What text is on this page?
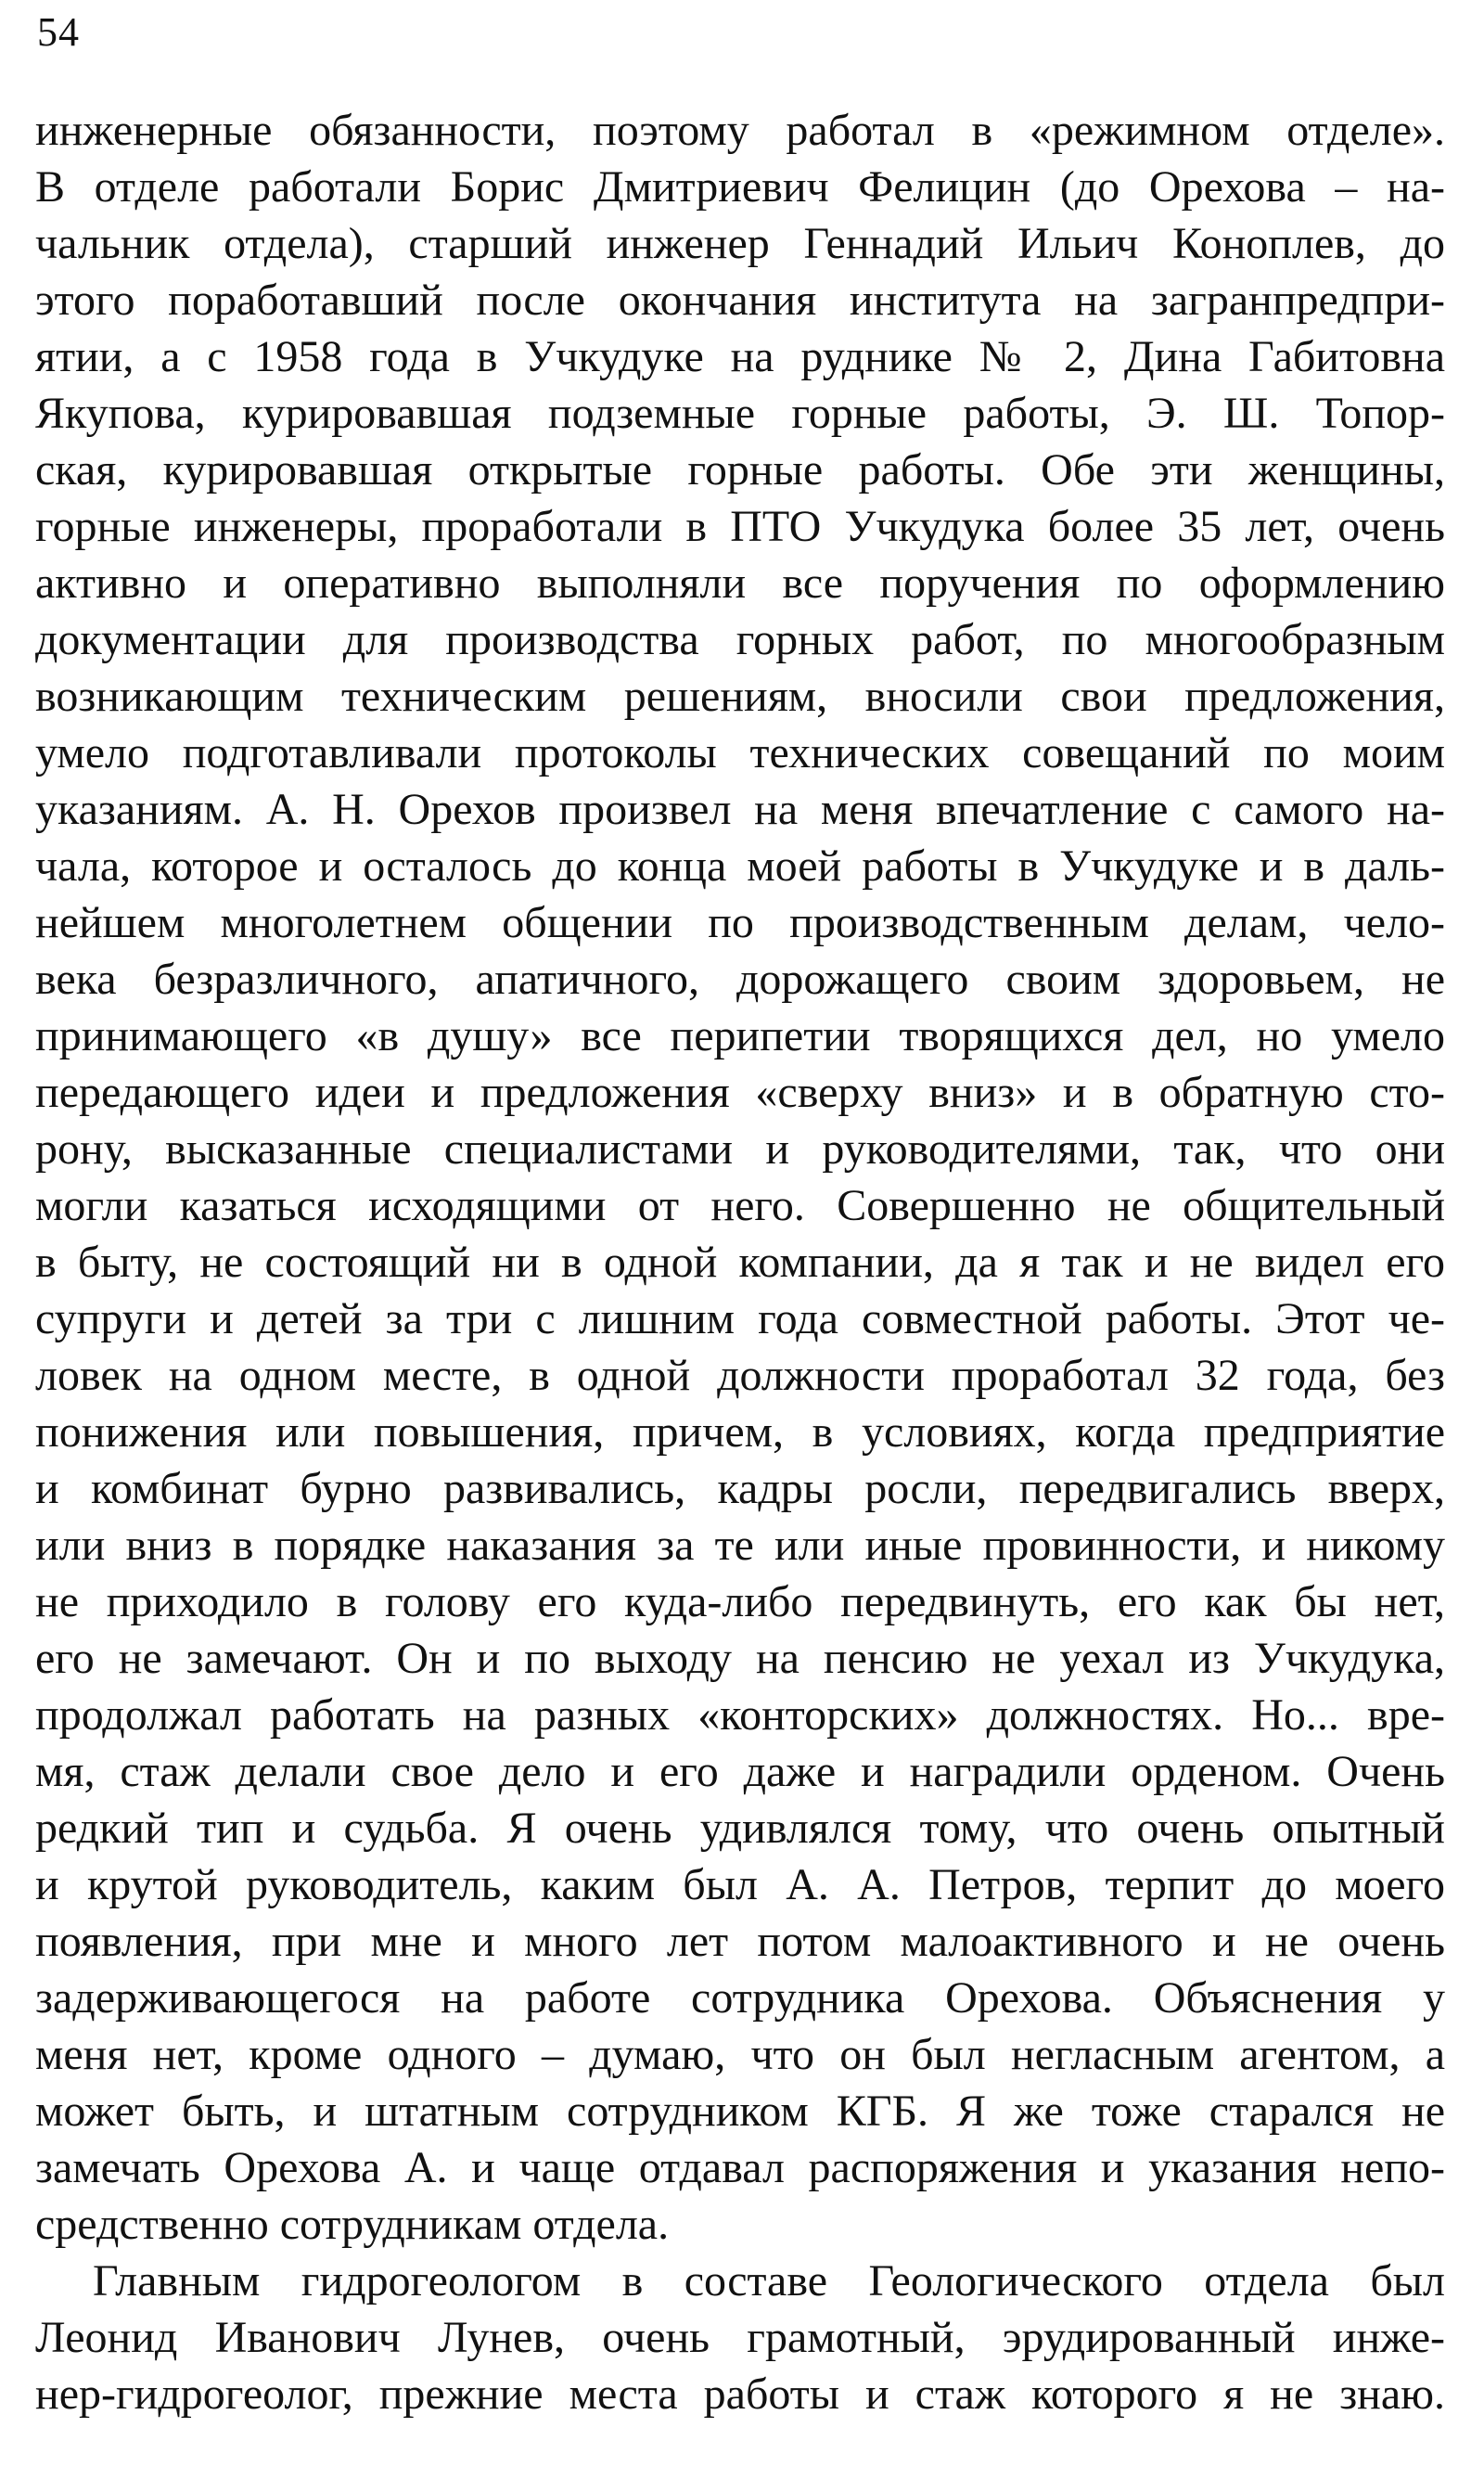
54
инженерные обязанности, поэтому работал в «режимном отделе».
В отделе работали Борис Дмитриевич Фелицин (до Орехова – на-
чальник отдела), старший инженер Геннадий Ильич Коноплев, до
этого поработавший после окончания института на загранпредпри-
ятии, а с 1958 года в Учкудуке на руднике № 2, Дина Габитовна
Якупова, курировавшая подземные горные работы, Э. Ш. Топор-
ская, курировавшая открытые горные работы. Обе эти женщины,
горные инженеры, проработали в ПТО Учкудука более 35 лет, очень
активно и оперативно выполняли все поручения по оформлению
документации для производства горных работ, по многообразным
возникающим техническим решениям, вносили свои предложения,
умело подготавливали протоколы технических совещаний по моим
указаниям. А. Н. Орехов произвел на меня впечатление с самого на-
чала, которое и осталось до конца моей работы в Учкудуке и в даль-
нейшем многолетнем общении по производственным делам, чело-
века безразличного, апатичного, дорожащего своим здоровьем, не
принимающего «в душу» все перипетии творящихся дел, но умело
передающего идеи и предложения «сверху вниз» и в обратную сто-
рону, высказанные специалистами и руководителями, так, что они
могли казаться исходящими от него. Совершенно не общительный
в быту, не состоящий ни в одной компании, да я так и не видел его
супруги и детей за три с лишним года совместной работы. Этот че-
ловек на одном месте, в одной должности проработал 32 года, без
понижения или повышения, причем, в условиях, когда предприятие
и комбинат бурно развивались, кадры росли, передвигались вверх,
или вниз в порядке наказания за те или иные провинности, и никому
не приходило в голову его куда-либо передвинуть, его как бы нет,
его не замечают. Он и по выходу на пенсию не уехал из Учкудука,
продолжал работать на разных «конторских» должностях. Но... вре-
мя, стаж делали свое дело и его даже и наградили орденом. Очень
редкий тип и судьба. Я очень удивлялся тому, что очень опытный
и крутой руководитель, каким был А. А. Петров, терпит до моего
появления, при мне и много лет потом малоактивного и не очень
задерживающегося на работе сотрудника Орехова. Объяснения у
меня нет, кроме одного – думаю, что он был негласным агентом, а
может быть, и штатным сотрудником КГБ. Я же тоже старался не
замечать Орехова А. и чаще отдавал распоряжения и указания непо-
средственно сотрудникам отдела.
Главным гидрогеологом в составе Геологического отдела был
Леонид Иванович Лунев, очень грамотный, эрудированный инже-
нер-гидрогеолог, прежние места работы и стаж которого я не знаю.
